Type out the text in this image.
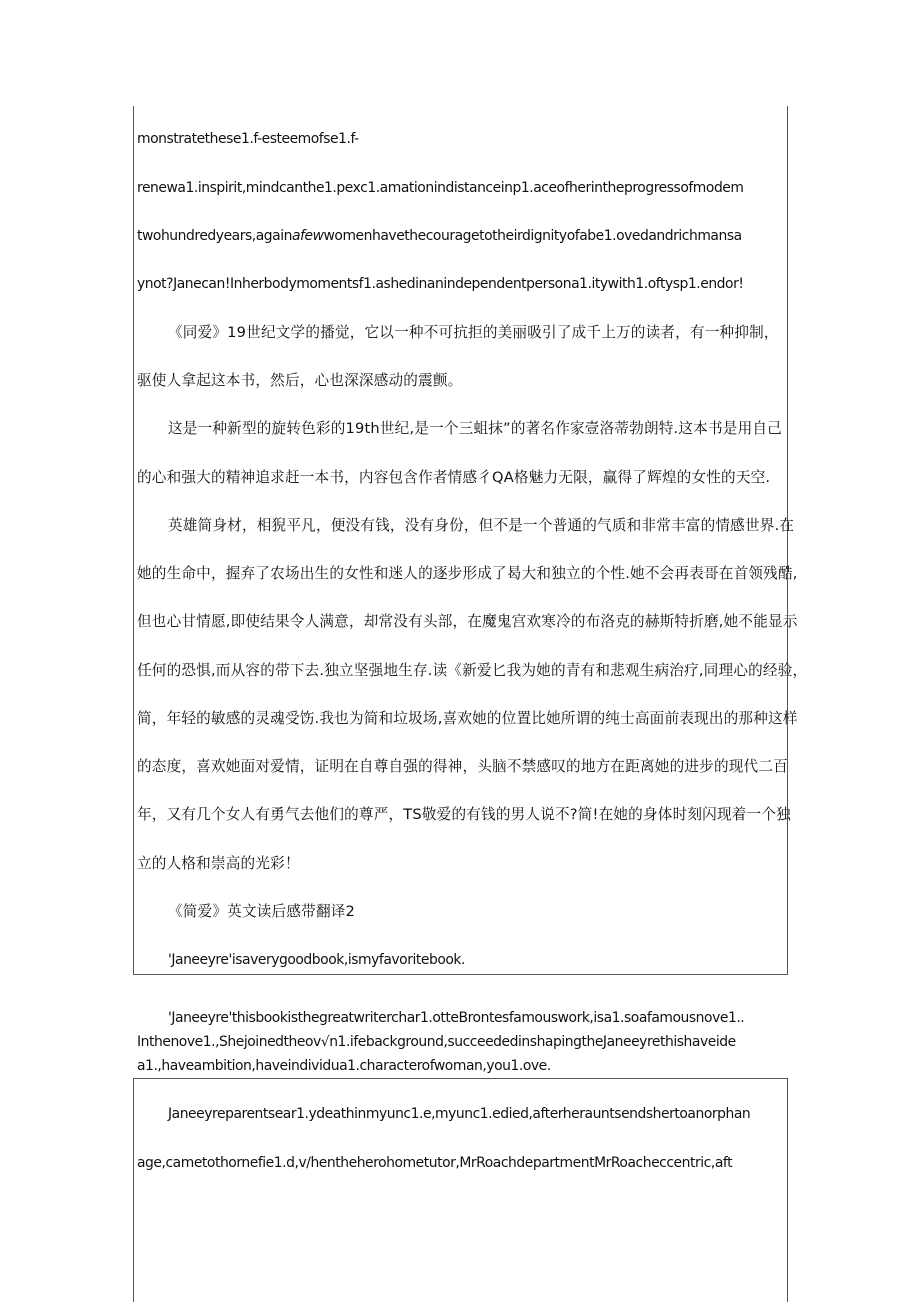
monstratethese1.f-esteemofse1.f-
renewa1.inspirit,mindcanthe1.pexc1.amationindistanceinp1.aceofherintheprogressofmodem
twohundredyears,againafewwomenhavethecouragetotheirdignityofabe1.ovedandrichmansa
ynot?Janecan!Inherbodymomentsf1.ashedinanindependentpersona1.itywith1.oftysp1.endor!
《同爱》19世纪文学的播觉，它以一种不可抗拒的美丽吸引了成千上万的读者，有一种抑制，
驱使人拿起这本书，然后，心也深深感动的震颤。
这是一种新型的旋转色彩的19th世纪,是一个三蛆抹”的著名作家壹洛蒂勃朗特.这本书是用自己
的心和强大的精神追求赶一本书，内容包含作者情感彳QA格魅力无限，赢得了辉煌的女性的天空.
英雄简身材，相猊平凡，便没有钱，没有身份，但不是一个普通的气质和非常丰富的情感世界.在
她的生命中，握弃了农场出生的女性和迷人的逐步形成了曷大和独立的个性.她不会再表哥在首领残酷,
但也心甘情愿,即使结果令人满意，却常没有头部，在魔鬼宫欢寒冷的布洛克的赫斯特折磨,她不能显示
任何的恐惧,而从容的带下去.独立坚强地生存.读《新爱匕我为她的青有和悲观生病治疗,同理心的经验，
简，年轻的敏感的灵魂受饬.我也为简和垃圾场,喜欢她的位置比她所谓的纯士高面前表现出的那种这样
的态度，喜欢她面对爱情，证明在自尊自强的得神，头脑不禁感叹的地方在距离她的进步的现代二百
年，又有几个女人有勇气去他们的尊严，TS敬爱的有钱的男人说不?简!在她的身体时刻闪现着一个独
立的人格和崇高的光彩！
《简爱》英文读后感带翻译2
'Janeeyre'isaverygoodbook,ismyfavoritebook.
'Janeeyre'thisbookisthegreatwriterchar1.otteBrontesfamouswork,isa1.soafamousnove1..
Inthenove1.,Shejoinedtheov√n1.ifebackground,succeededinshapingtheJaneeyrethishaveide
a1.,haveambition,haveindividua1.characterofwoman,you1.ove.
Janeeyreparentsear1.ydeathinmyunc1.e,myunc1.edied,afterherauntsendshertoanorphan
age,cametothornefie1.d,v/hentheherohometutor,MrRoachdepartmentMrRoacheccentric,aft
